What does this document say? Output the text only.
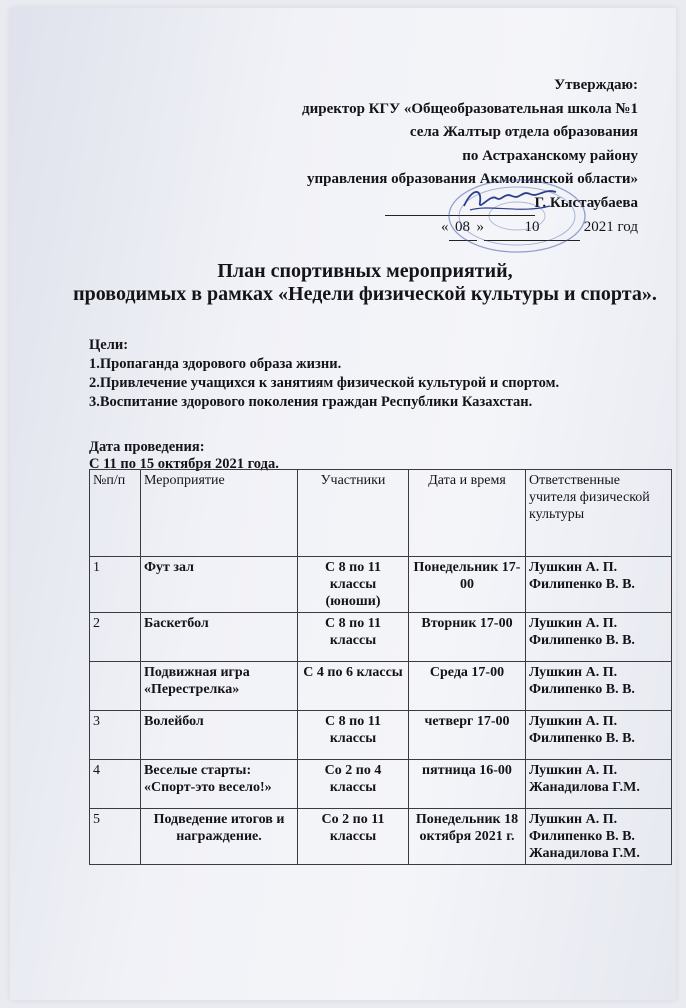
Утверждаю:
директор КГУ «Общеобразовательная школа №1
села Жалтыр отдела образования
по Астраханскому району
управления образования Акмолинской области»
Г. Кыстаубаева
« 08 »	10	2021 год
План спортивных мероприятий,
проводимых в рамках «Недели физической культуры и спорта».
Цели:
1.Пропаганда здорового образа жизни.
2.Привлечение учащихся к занятиям физической культурой и спортом.
3.Воспитание здорового поколения граждан Республики Казахстан.
Дата проведения:
С 11 по 15 октября 2021 года.
№п/п	Мероприятие	Участники	Дата и время	Ответственные учителя физической культуры
1	Фут зал	С 8 по 11 классы (юноши)	Понедельник 17-00	Лушкин А. П. Филипенко В. В.
2	Баскетбол	С 8 по 11 классы	Вторник 17-00	Лушкин А. П. Филипенко В. В.
	Подвижная игра «Перестрелка»	С 4 по 6 классы	Среда 17-00	Лушкин А. П. Филипенко В. В.
3	Волейбол	С 8 по 11 классы	четверг 17-00	Лушкин А. П. Филипенко В. В.
4	Веселые старты: «Спорт-это весело!»	Со 2 по 4 классы	пятница 16-00	Лушкин А. П. Жанадилова Г.М.
5	Подведение итогов и награждение.	Со 2 по 11 классы	Понедельник 18 октября 2021 г.	Лушкин А. П. Филипенко В. В. Жанадилова Г.М.
